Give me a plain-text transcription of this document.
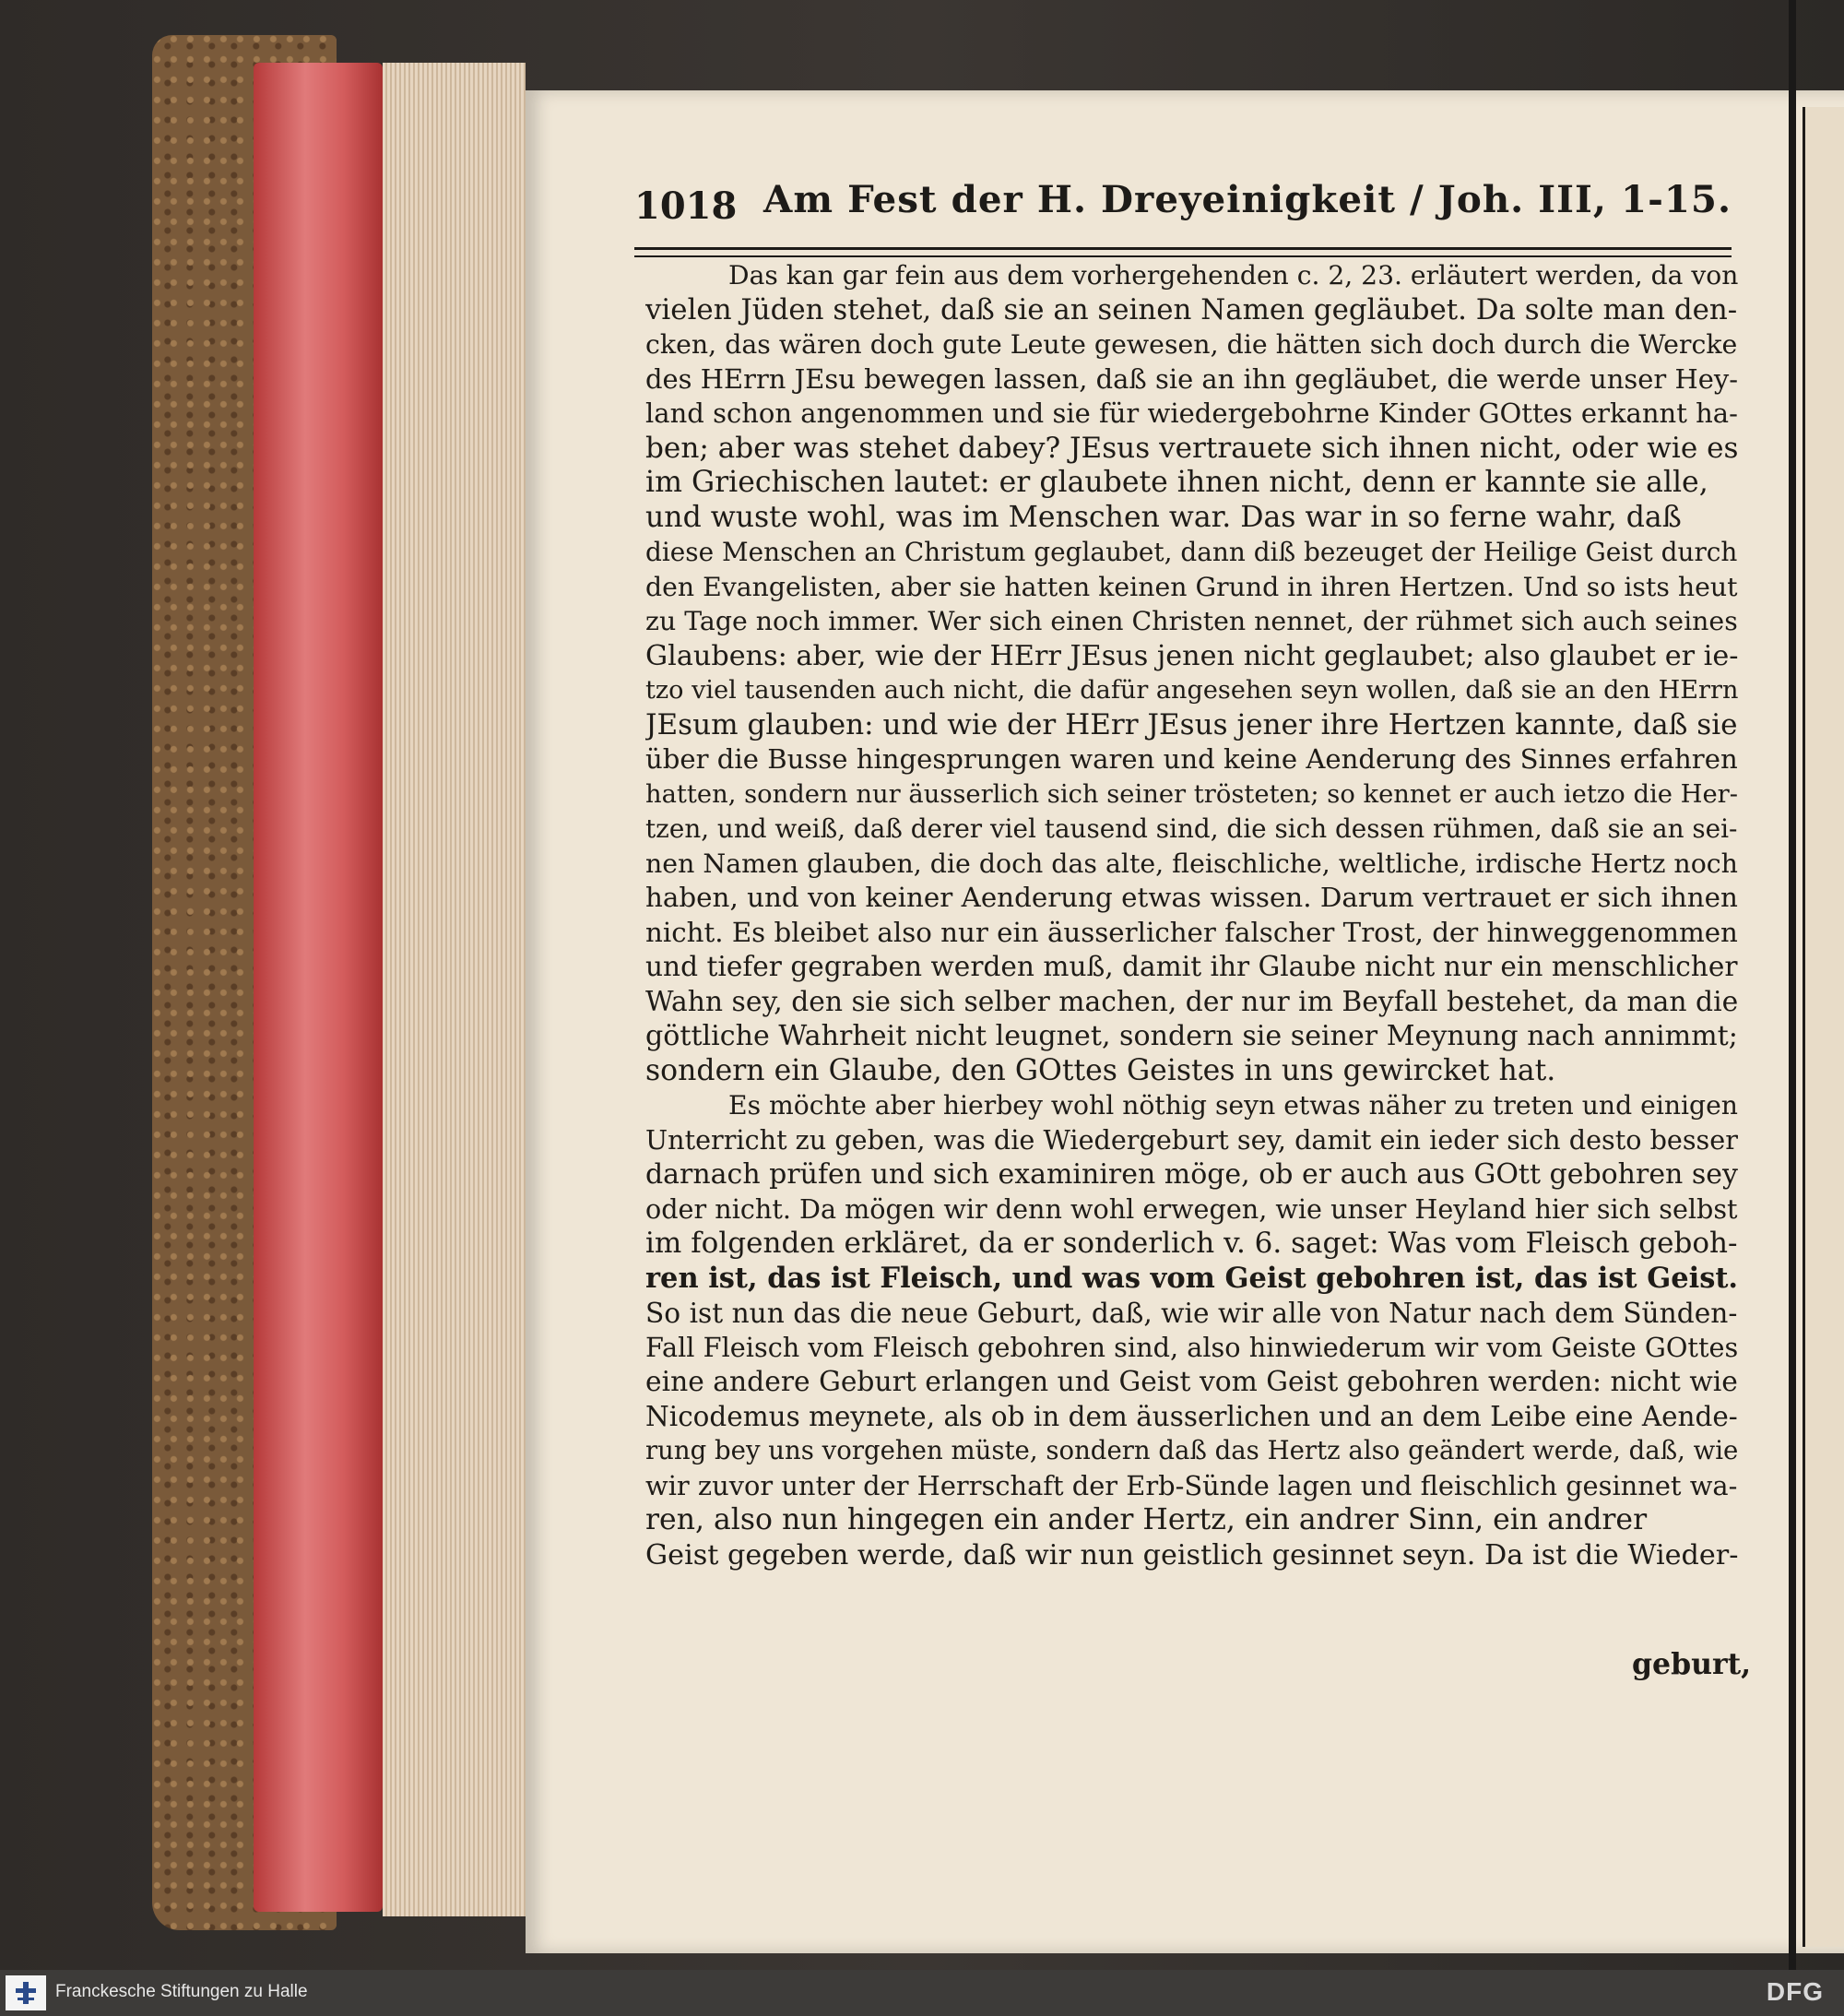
1018 Am Fest der H. Dreyeinigkeit / Joh. III, 1-15.
Das kan gar fein aus dem vorhergehenden c. 2, 23. erläutert werden, da von
vielen Jüden stehet, daß sie an seinen Namen gegläubet. Da solte man den-
cken, das wären doch gute Leute gewesen, die hätten sich doch durch die Wercke
des HErrn JEsu bewegen lassen, daß sie an ihn gegläubet, die werde unser Hey-
land schon angenommen und sie für wiedergebohrne Kinder GOttes erkannt ha-
ben; aber was stehet dabey? JEsus vertrauete sich ihnen nicht, oder wie es
im Griechischen lautet: er glaubete ihnen nicht, denn er kannte sie alle,
und wuste wohl, was im Menschen war. Das war in so ferne wahr, daß
diese Menschen an Christum geglaubet, dann diß bezeuget der Heilige Geist durch
den Evangelisten, aber sie hatten keinen Grund in ihren Hertzen. Und so ists heut
zu Tage noch immer. Wer sich einen Christen nennet, der rühmet sich auch seines
Glaubens: aber, wie der HErr JEsus jenen nicht geglaubet; also glaubet er ie-
tzo viel tausenden auch nicht, die dafür angesehen seyn wollen, daß sie an den HErrn
JEsum glauben: und wie der HErr JEsus jener ihre Hertzen kannte, daß sie
über die Busse hingesprungen waren und keine Aenderung des Sinnes erfahren
hatten, sondern nur äusserlich sich seiner trösteten; so kennet er auch ietzo die Her-
tzen, und weiß, daß derer viel tausend sind, die sich dessen rühmen, daß sie an sei-
nen Namen glauben, die doch das alte, fleischliche, weltliche, irdische Hertz noch
haben, und von keiner Aenderung etwas wissen. Darum vertrauet er sich ihnen
nicht. Es bleibet also nur ein äusserlicher falscher Trost, der hinweggenommen
und tiefer gegraben werden muß, damit ihr Glaube nicht nur ein menschlicher
Wahn sey, den sie sich selber machen, der nur im Beyfall bestehet, da man die
göttliche Wahrheit nicht leugnet, sondern sie seiner Meynung nach annimmt;
sondern ein Glaube, den GOttes Geistes in uns gewircket hat.
Es möchte aber hierbey wohl nöthig seyn etwas näher zu treten und einigen
Unterricht zu geben, was die Wiedergeburt sey, damit ein ieder sich desto besser
darnach prüfen und sich examiniren möge, ob er auch aus GOtt gebohren sey
oder nicht. Da mögen wir denn wohl erwegen, wie unser Heyland hier sich selbst
im folgenden erkläret, da er sonderlich v. 6. saget: Was vom Fleisch geboh-
ren ist, das ist Fleisch, und was vom Geist gebohren ist, das ist Geist.
So ist nun das die neue Geburt, daß, wie wir alle von Natur nach dem Sünden-
Fall Fleisch vom Fleisch gebohren sind, also hinwiederum wir vom Geiste GOttes
eine andere Geburt erlangen und Geist vom Geist gebohren werden: nicht wie
Nicodemus meynete, als ob in dem äusserlichen und an dem Leibe eine Aende-
rung bey uns vorgehen müste, sondern daß das Hertz also geändert werde, daß, wie
wir zuvor unter der Herrschaft der Erb-Sünde lagen und fleischlich gesinnet wa-
ren, also nun hingegen ein ander Hertz, ein andrer Sinn, ein andrer
Geist gegeben werde, daß wir nun geistlich gesinnet seyn. Da ist die Wieder-
geburt,
Franckesche Stiftungen zu Halle	DFG
